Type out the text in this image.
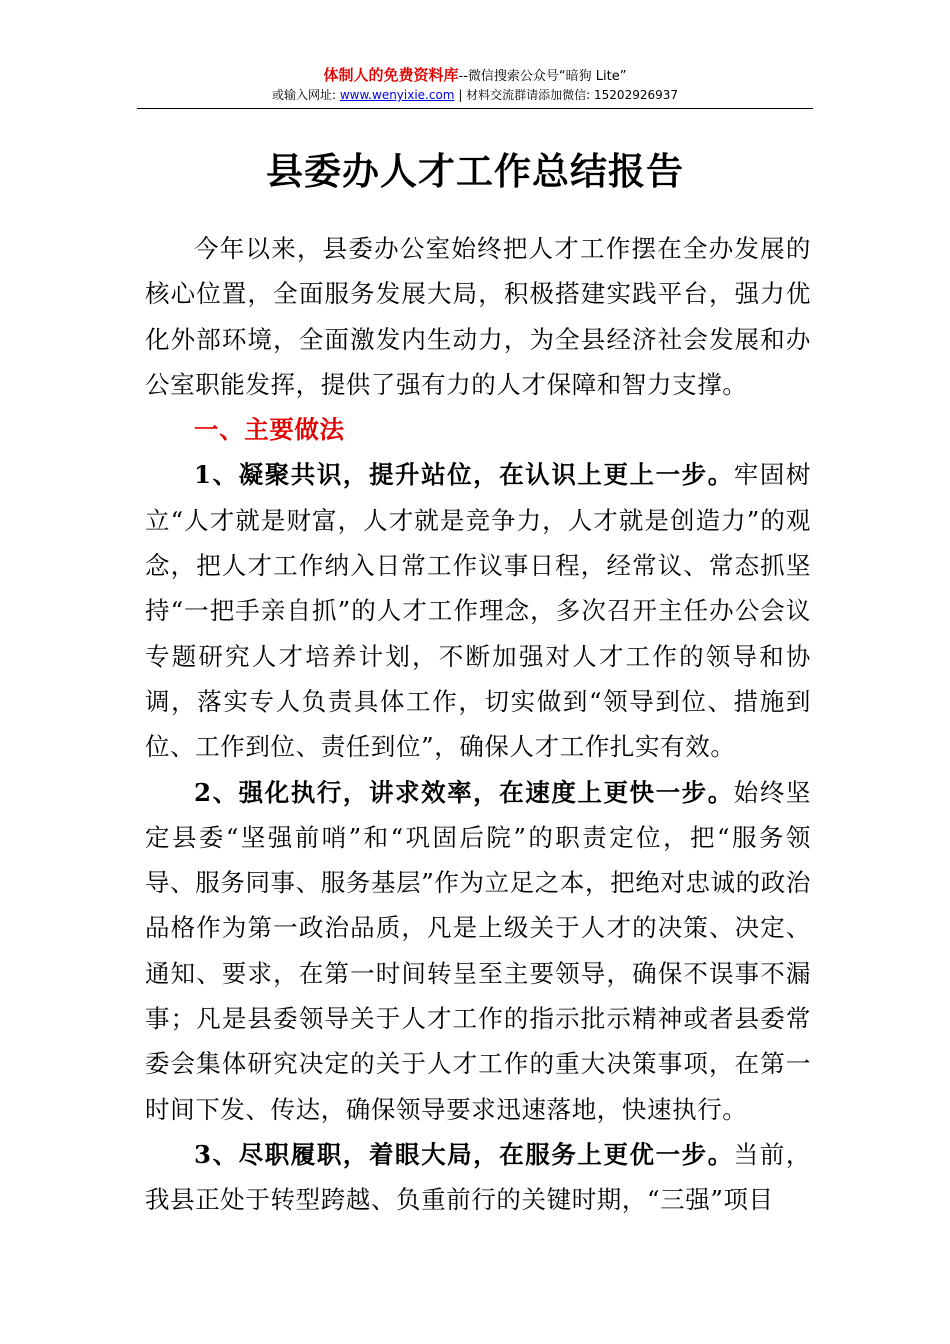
体制人的免费资料库--微信搜索公众号“暗狗 Lite”
或输入网址: www.wenyixie.com | 材料交流群请添加微信: 15202926937
县委办人才工作总结报告

今年以来，县委办公室始终把人才工作摆在全办发展的核心位置，全面服务发展大局，积极搭建实践平台，强力优化外部环境，全面激发内生动力，为全县经济社会发展和办公室职能发挥，提供了强有力的人才保障和智力支撑。

一、主要做法

1、凝聚共识，提升站位，在认识上更上一步。牢固树立“人才就是财富，人才就是竞争力，人才就是创造力”的观念，把人才工作纳入日常工作议事日程，经常议、常态抓坚持“一把手亲自抓”的人才工作理念，多次召开主任办公会议专题研究人才培养计划，不断加强对人才工作的领导和协调，落实专人负责具体工作，切实做到“领导到位、措施到位、工作到位、责任到位”，确保人才工作扎实有效。

2、强化执行，讲求效率，在速度上更快一步。始终坚定县委“坚强前哨”和“巩固后院”的职责定位，把“服务领导、服务同事、服务基层”作为立足之本，把绝对忠诚的政治品格作为第一政治品质，凡是上级关于人才的决策、决定、通知、要求，在第一时间转呈至主要领导，确保不误事不漏事；凡是县委领导关于人才工作的指示批示精神或者县委常委会集体研究决定的关于人才工作的重大决策事项，在第一时间下发、传达，确保领导要求迅速落地，快速执行。

3、尽职履职，着眼大局，在服务上更优一步。当前，我县正处于转型跨越、负重前行的关键时期，“三强”项目
